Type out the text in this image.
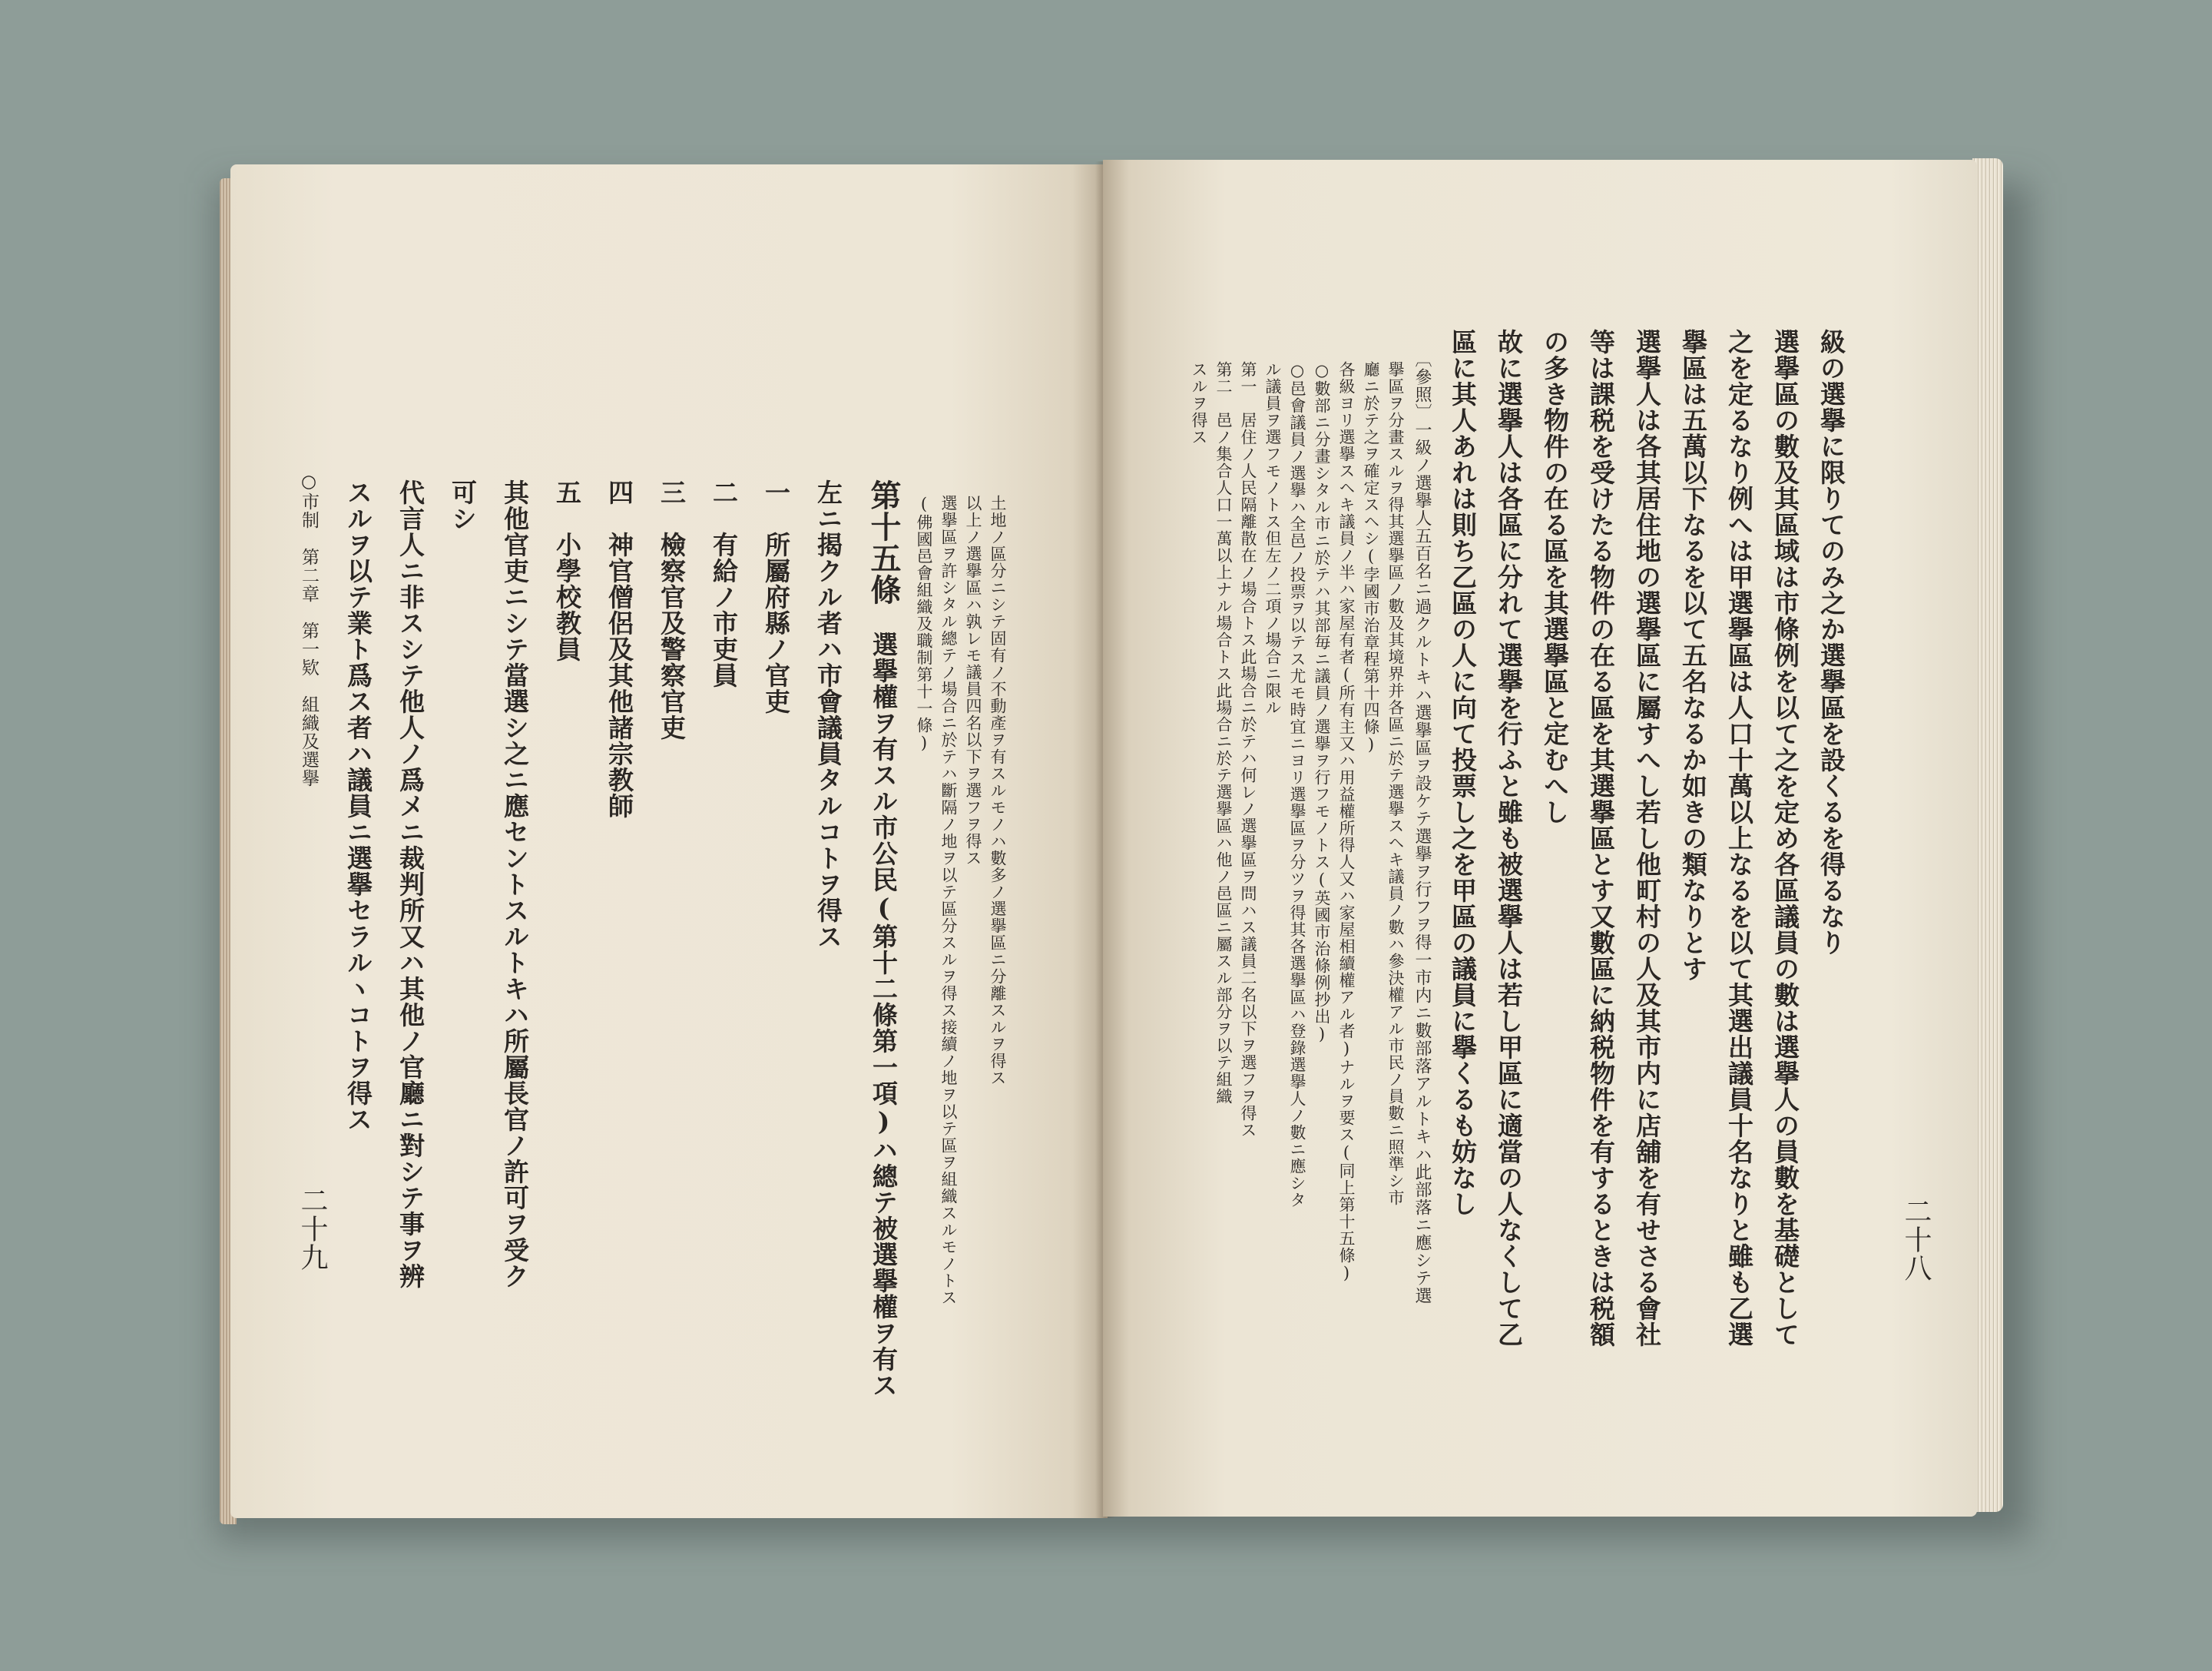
二十九
○市制　第二章　第一欵　組織及選擧 スルヲ以テ業ト爲ス者ハ議員ニ選擧セラルヽコトヲ得ス 代言人ニ非スシテ他人ノ爲メニ裁判所又ハ其他ノ官廳ニ對シテ事ヲ辨 可シ 其他官吏ニシテ當選シ之ニ應セントスルトキハ所屬長官ノ許可ヲ受ク 五　小學校教員
四　神官僧侶及其他諸宗教師
三　檢察官及警察官吏
二　有給ノ市吏員
一　所屬府縣ノ官吏 左ニ揭クル者ハ市會議員タルコトヲ得ス 第十五條　選擧權ヲ有スル市公民(第十二條第一項)ハ總テ被選擧權ヲ有ス
(佛國邑會組織及職制第十一條) 選擧區ヲ許シタル總テノ場合ニ於テハ斷隔ノ地ヲ以テ區分スルヲ得ス接續ノ地ヲ以テ區ヲ組織スルモノトス 以上ノ選擧區ハ孰レモ議員四名以下ヲ選フヲ得ス 土地ノ區分ニシテ固有ノ不動產ヲ有スルモノハ數多ノ選擧區ニ分離スルヲ得ス
二十八
級の選擧に限りてのみ之か選擧區を設くるを得るなり
選擧區の數及其區域は市條例を以て之を定め各區議員の數は選擧人の員數を基礎として
之を定るなり例へは甲選擧區は人口十萬以上なるを以て其選出議員十名なりと雖も乙選
擧區は五萬以下なるを以て五名なるか如きの類なりとす
選擧人は各其居住地の選擧區に屬すへし若し他町村の人及其市内に店舖を有せさる會社
等は課税を受けたる物件の在る區を其選擧區とす又數區に納税物件を有するときは税額
の多き物件の在る區を其選擧區と定むへし
故に選擧人は各區に分れて選擧を行ふと雖も被選擧人は若し甲區に適當の人なくして乙
區に其人あれは則ち乙區の人に向て投票し之を甲區の議員に擧くるも妨なし
〔參照〕一級ノ選擧人五百名ニ過クルトキハ選擧區ヲ設ケテ選擧ヲ行フヲ得一市内ニ數部落アルトキハ此部落ニ應シテ選
擧區ヲ分畫スルヲ得其選擧區ノ數及其境界并各區ニ於テ選擧スヘキ議員ノ數ハ參決權アル市民ノ員數ニ照準シ市
廳ニ於テ之ヲ確定スヘシ(孛國市治章程第十四條)
各級ヨリ選擧スヘキ議員ノ半ハ家屋有者(所有主又ハ用益權所得人又ハ家屋相續權アル者)ナルヲ要ス(同上第十五條)
○數部ニ分畫シタル市ニ於テハ其部毎ニ議員ノ選擧ヲ行フモノトス(英國市治條例抄出)
○邑會議員ノ選擧ハ全邑ノ投票ヲ以テス尤モ時宜ニヨリ選擧區ヲ分ツヲ得其各選擧區ハ登錄選擧人ノ數ニ應シタ
ル議員ヲ選フモノトス但左ノ二項ノ場合ニ限ル
第一　居住ノ人民隔離散在ノ場合トス此場合ニ於テハ何レノ選擧區ヲ問ハス議員二名以下ヲ選フヲ得ス
第二　邑ノ集合人口一萬以上ナル場合トス此場合ニ於テ選擧區ハ他ノ邑區ニ屬スル部分ヲ以テ組織
スルヲ得ス
